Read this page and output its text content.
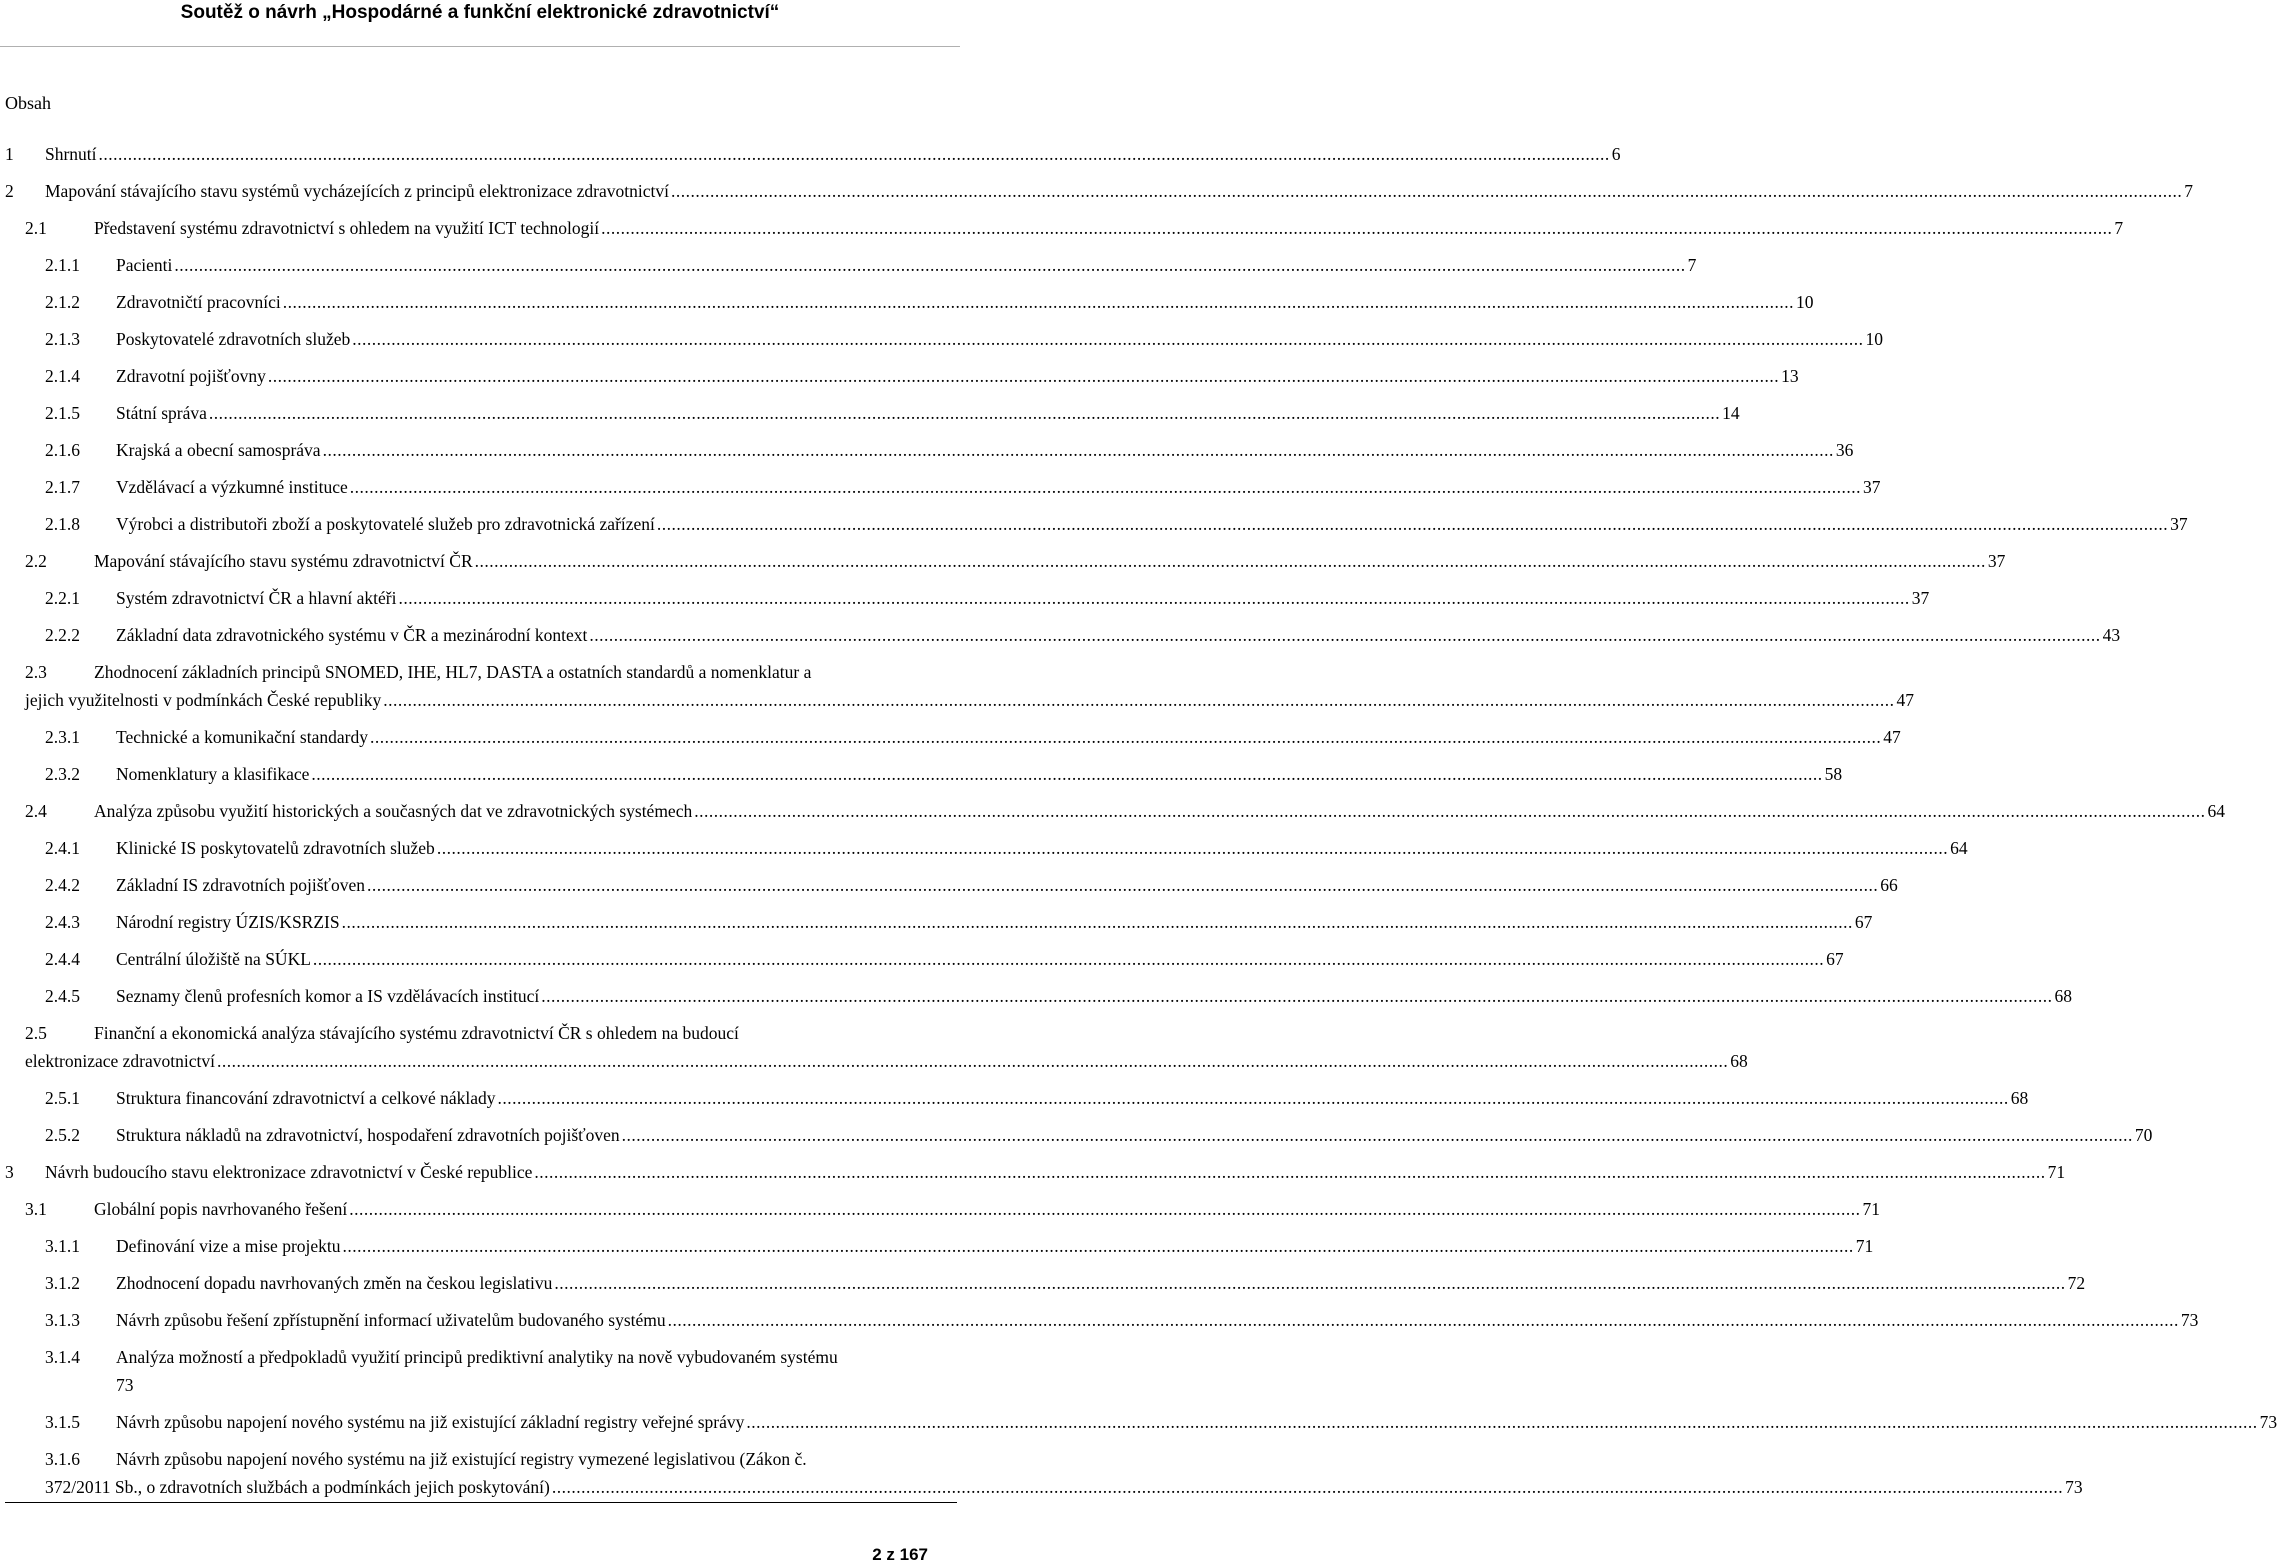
Soutěž o návrh „Hospodárné a funkční elektronické zdravotnictví“
Obsah
1 Shrnutí .....	6
2 Mapování stávajícího stavu systémů vycházejících z principů elektronizace zdravotnictví .....	7
2.1	Představení systému zdravotnictví s ohledem na využití ICT technologií .....	7
2.1.1 Pacienti .....	7
2.1.2 Zdravotničtí pracovníci .....	10
2.1.3 Poskytovatelé zdravotních služeb .....	10
2.1.4 Zdravotní pojišťovny .....	13
2.1.5 Státní správa .....	14
2.1.6 Krajská a obecní samospráva .....	36
2.1.7 Vzdělávací a výzkumné instituce .....	37
2.1.8 Výrobci a distributoři zboží a poskytovatelé služeb pro zdravotnická zařízení .....	37
2.2	Mapování stávajícího stavu systému zdravotnictví ČR .....	37
2.2.1 Systém zdravotnictví ČR a hlavní aktéři .....	37
2.2.2 Základní data zdravotnického systému v ČR a mezinárodní kontext .....	43
2.3	Zhodnocení základních principů SNOMED, IHE, HL7, DASTA a ostatních standardů a nomenklatur a
jejich využitelnosti v podmínkách České republiky .....	47
2.3.1 Technické a komunikační standardy .....	47
2.3.2 Nomenklatury a klasifikace .....	58
2.4	Analýza způsobu využití historických a současných dat ve zdravotnických systémech .....	64
2.4.1 Klinické IS poskytovatelů zdravotních služeb .....	64
2.4.2 Základní IS zdravotních pojišťoven .....	66
2.4.3 Národní registry ÚZIS/KSRZIS .....	67
2.4.4 Centrální úložiště na SÚKL .....	67
2.4.5 Seznamy členů profesních komor a IS vzdělávacích institucí .....	68
2.5	Finanční a ekonomická analýza stávajícího systému zdravotnictví ČR s ohledem na budoucí
elektronizace zdravotnictví .....	68
2.5.1 Struktura financování zdravotnictví a celkové náklady .....	68
2.5.2 Struktura nákladů na zdravotnictví, hospodaření zdravotních pojišťoven .....	70
3 Návrh budoucího stavu elektronizace zdravotnictví v České republice .....	71
3.1	Globální popis navrhovaného řešení .....	71
3.1.1 Definování vize a mise projektu .....	71
3.1.2 Zhodnocení dopadu navrhovaných změn na českou legislativu .....	72
3.1.3 Návrh způsobu řešení zpřístupnění informací uživatelům budovaného systému .....	73
3.1.4 Analýza možností a předpokladů využití principů prediktivní analytiky na nově vybudovaném systému
73
3.1.5 Návrh způsobu napojení nového systému na již existující základní registry veřejné správy .....	73
3.1.6 Návrh způsobu napojení nového systému na již existující registry vymezené legislativou (Zákon č.
372/2011 Sb., o zdravotních službách a podmínkách jejich poskytování) .....	73
2 z 167
